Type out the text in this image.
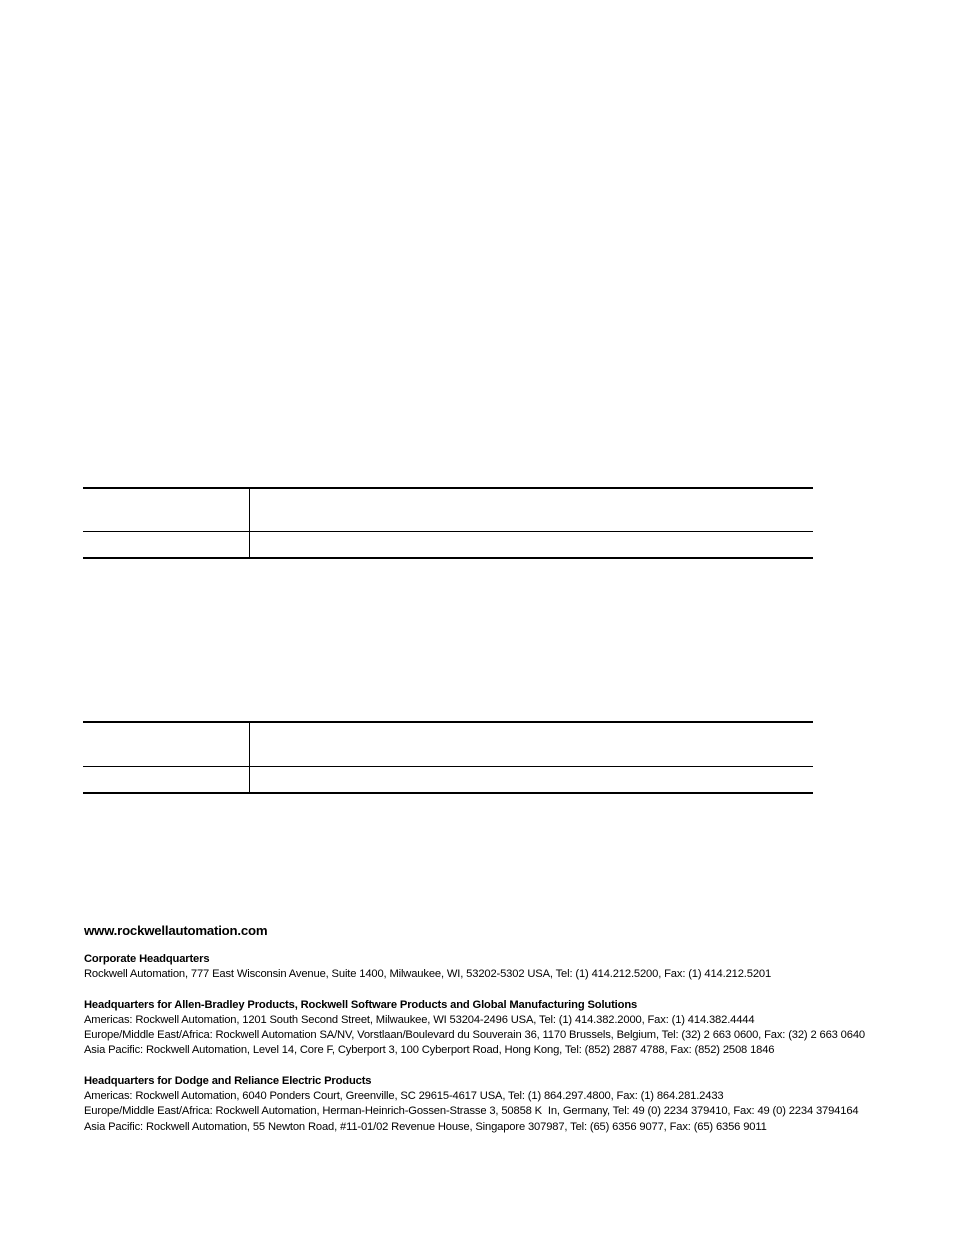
www.rockwellautomation.com
Corporate Headquarters
Rockwell Automation, 777 East Wisconsin Avenue, Suite 1400, Milwaukee, WI, 53202-5302 USA, Tel: (1) 414.212.5200, Fax: (1) 414.212.5201
Headquarters for Allen-Bradley Products, Rockwell Software Products and Global Manufacturing Solutions
Americas: Rockwell Automation, 1201 South Second Street, Milwaukee, WI 53204-2496 USA, Tel: (1) 414.382.2000, Fax: (1) 414.382.4444
Europe/Middle East/Africa: Rockwell Automation SA/NV, Vorstlaan/Boulevard du Souverain 36, 1170 Brussels, Belgium, Tel: (32) 2 663 0600, Fax: (32) 2 663 0640
Asia Pacific: Rockwell Automation, Level 14, Core F, Cyberport 3, 100 Cyberport Road, Hong Kong, Tel: (852) 2887 4788, Fax: (852) 2508 1846
Headquarters for Dodge and Reliance Electric Products
Americas: Rockwell Automation, 6040 Ponders Court, Greenville, SC 29615-4617 USA, Tel: (1) 864.297.4800, Fax: (1) 864.281.2433
Europe/Middle East/Africa: Rockwell Automation, Herman-Heinrich-Gossen-Strasse 3, 50858 K  In, Germany, Tel: 49 (0) 2234 379410, Fax: 49 (0) 2234 3794164
Asia Pacific: Rockwell Automation, 55 Newton Road, #11-01/02 Revenue House, Singapore 307987, Tel: (65) 6356 9077, Fax: (65) 6356 9011
